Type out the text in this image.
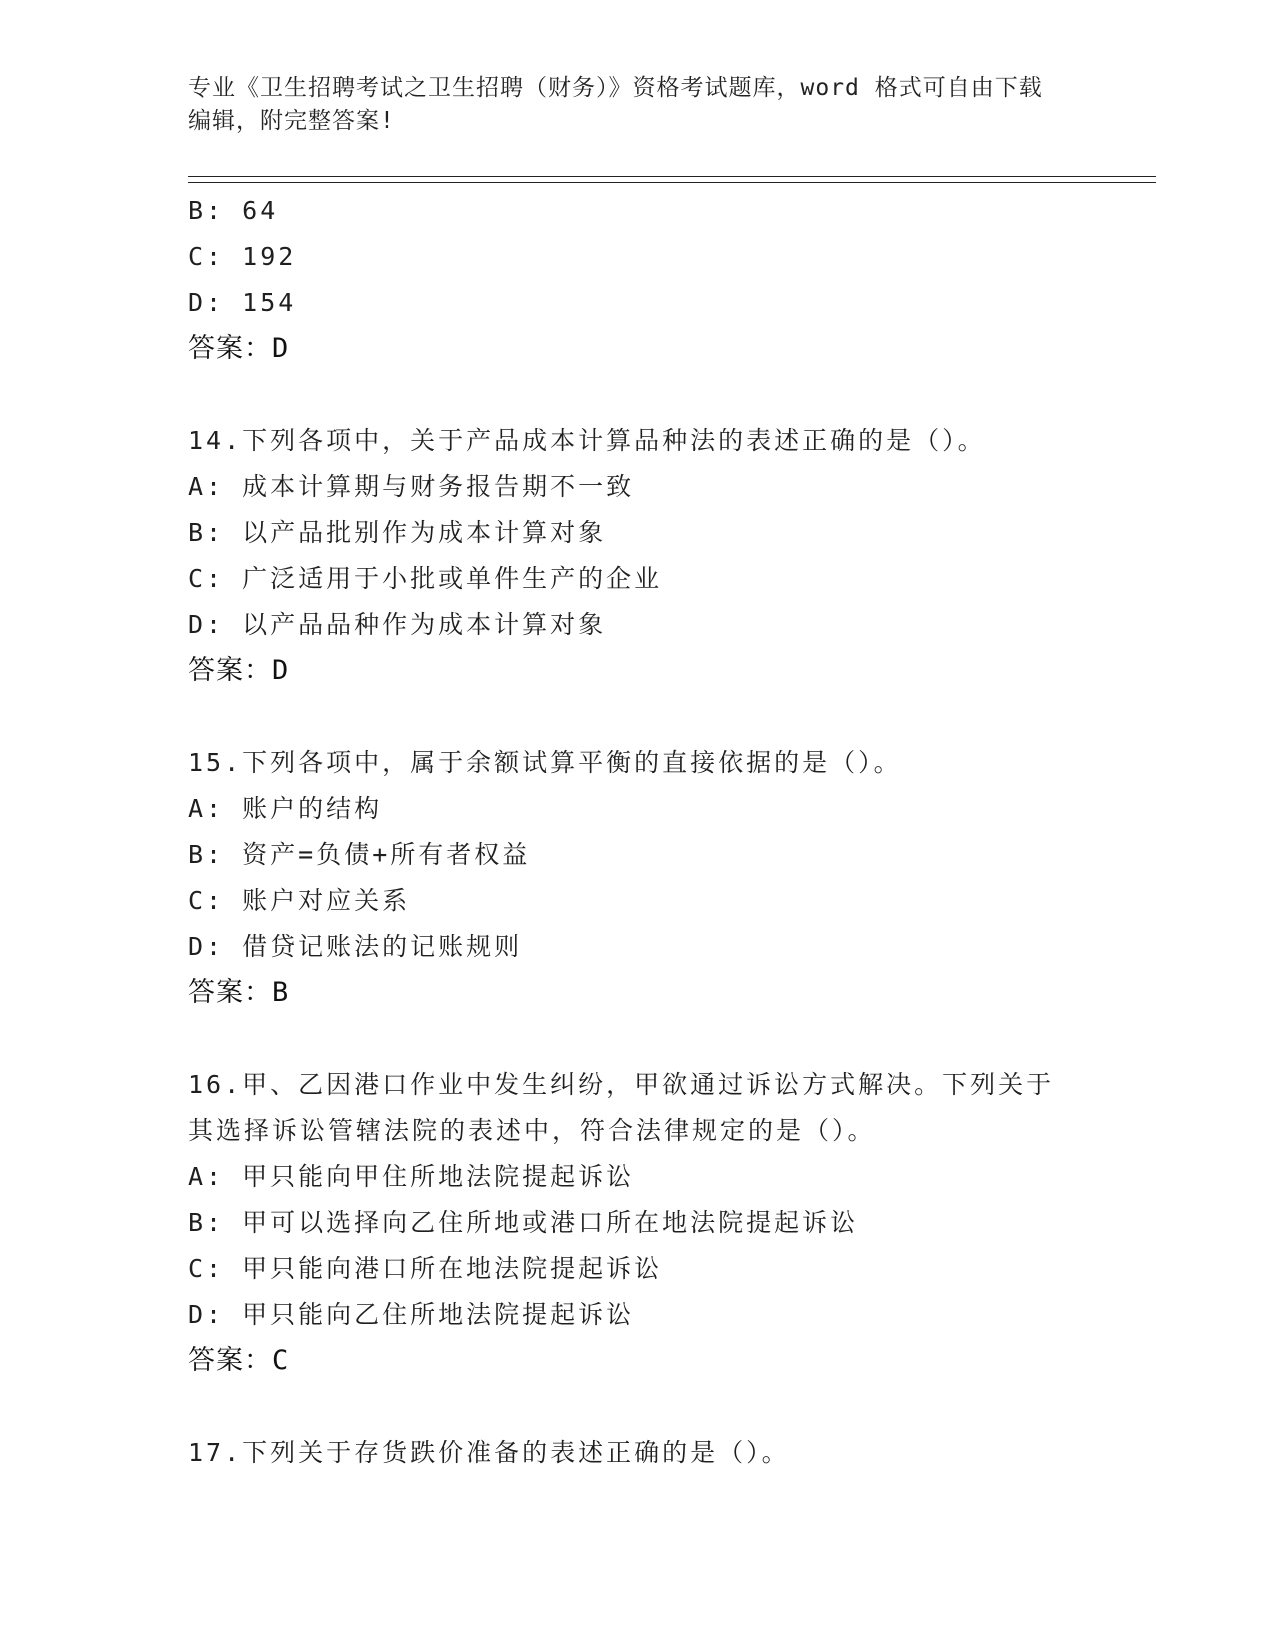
专业《卫生招聘考试之卫生招聘（财务）》资格考试题库，word 格式可自由下载
编辑，附完整答案!
B: 64
C: 192
D: 154
答案：D
14.下列各项中，关于产品成本计算品种法的表述正确的是（）。
A: 成本计算期与财务报告期不一致
B: 以产品批别作为成本计算对象
C: 广泛适用于小批或单件生产的企业
D: 以产品品种作为成本计算对象
答案：D
15.下列各项中，属于余额试算平衡的直接依据的是（）。
A: 账户的结构
B: 资产=负债+所有者权益
C: 账户对应关系
D: 借贷记账法的记账规则
答案：B
16.甲、乙因港口作业中发生纠纷，甲欲通过诉讼方式解决。下列关于
其选择诉讼管辖法院的表述中，符合法律规定的是（）。
A: 甲只能向甲住所地法院提起诉讼
B: 甲可以选择向乙住所地或港口所在地法院提起诉讼
C: 甲只能向港口所在地法院提起诉讼
D: 甲只能向乙住所地法院提起诉讼
答案：C
17.下列关于存货跌价准备的表述正确的是（）。
